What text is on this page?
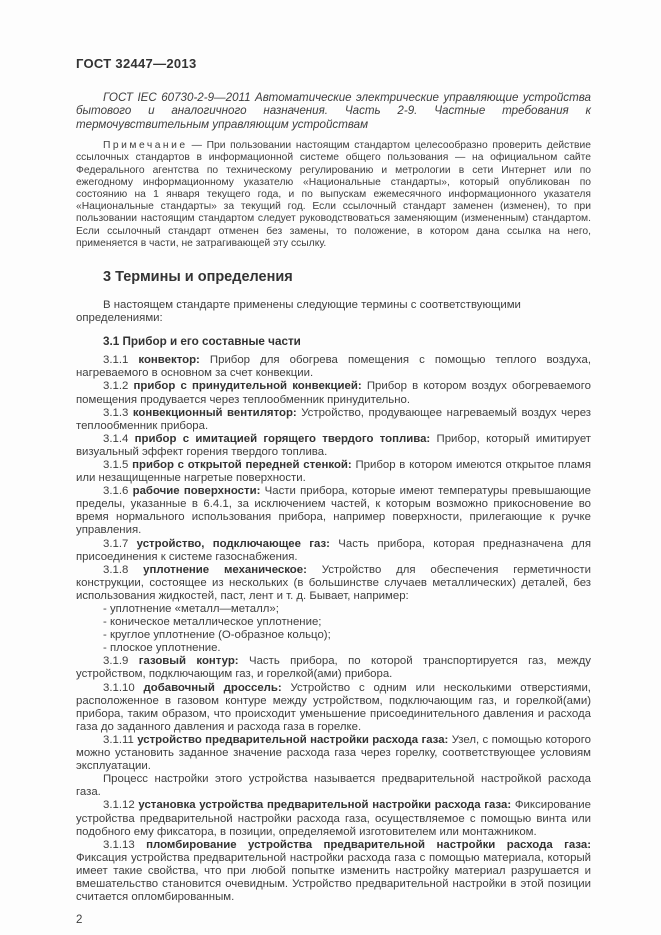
ГОСТ 32447—2013

ГОСТ IEC 60730-2-9—2011 Автоматические электрические управляющие устройства бытового и аналогичного назначения. Часть 2-9. Частные требования к термочувствительным управляющим устройствам

Примечание — При пользовании настоящим стандартом целесообразно проверить действие ссылочных стандартов в информационной системе общего пользования — на официальном сайте Федерального агентства по техническому регулированию и метрологии в сети Интернет или по ежегодному информационному указателю «Национальные стандарты», который опубликован по состоянию на 1 января текущего года, и по выпускам ежемесячного информационного указателя «Национальные стандарты» за текущий год. Если ссылочный стандарт заменен (изменен), то при пользовании настоящим стандартом следует руководствоваться заменяющим (измененным) стандартом. Если ссылочный стандарт отменен без замены, то положение, в котором дана ссылка на него, применяется в части, не затрагивающей эту ссылку.

3 Термины и определения

В настоящем стандарте применены следующие термины с соответствующими определениями:

3.1 Прибор и его составные части

3.1.1 конвектор: Прибор для обогрева помещения с помощью теплого воздуха, нагреваемого в основном за счет конвекции.

3.1.2 прибор с принудительной конвекцией: Прибор в котором воздух обогреваемого помещения продувается через теплообменник принудительно.

3.1.3 конвекционный вентилятор: Устройство, продувающее нагреваемый воздух через теплообменник прибора.

3.1.4 прибор с имитацией горящего твердого топлива: Прибор, который имитирует визуальный эффект горения твердого топлива.

3.1.5 прибор с открытой передней стенкой: Прибор в котором имеются открытое пламя или незащищенные нагретые поверхности.

3.1.6 рабочие поверхности: Части прибора, которые имеют температуры превышающие пределы, указанные в 6.4.1, за исключением частей, к которым возможно прикосновение во время нормального использования прибора, например поверхности, прилегающие к ручке управления.

3.1.7 устройство, подключающее газ: Часть прибора, которая предназначена для присоединения к системе газоснабжения.

3.1.8 уплотнение механическое: Устройство для обеспечения герметичности конструкции, состоящее из нескольких (в большинстве случаев металлических) деталей, без использования жидкостей, паст, лент и т. д. Бывает, например:

- уплотнение «металл—металл»;

- коническое металлическое уплотнение;

- круглое уплотнение (О-образное кольцо);

- плоское уплотнение.

3.1.9 газовый контур: Часть прибора, по которой транспортируется газ, между устройством, подключающим газ, и горелкой(ами) прибора.

3.1.10 добавочный дроссель: Устройство с одним или несколькими отверстиями, расположенное в газовом контуре между устройством, подключающим газ, и горелкой(ами) прибора, таким образом, что происходит уменьшение присоединительного давления и расхода газа до заданного давления и расхода газа в горелке.

3.1.11 устройство предварительной настройки расхода газа: Узел, с помощью которого можно установить заданное значение расхода газа через горелку, соответствующее условиям эксплуатации.

Процесс настройки этого устройства называется предварительной настройкой расхода газа.

3.1.12 установка устройства предварительной настройки расхода газа: Фиксирование устройства предварительной настройки расхода газа, осуществляемое с помощью винта или подобного ему фиксатора, в позиции, определяемой изготовителем или монтажником.

3.1.13 пломбирование устройства предварительной настройки расхода газа: Фиксация устройства предварительной настройки расхода газа с помощью материала, который имеет такие свойства, что при любой попытке изменить настройку материал разрушается и вмешательство становится очевидным. Устройство предварительной настройки в этой позиции считается опломбированным.

2
